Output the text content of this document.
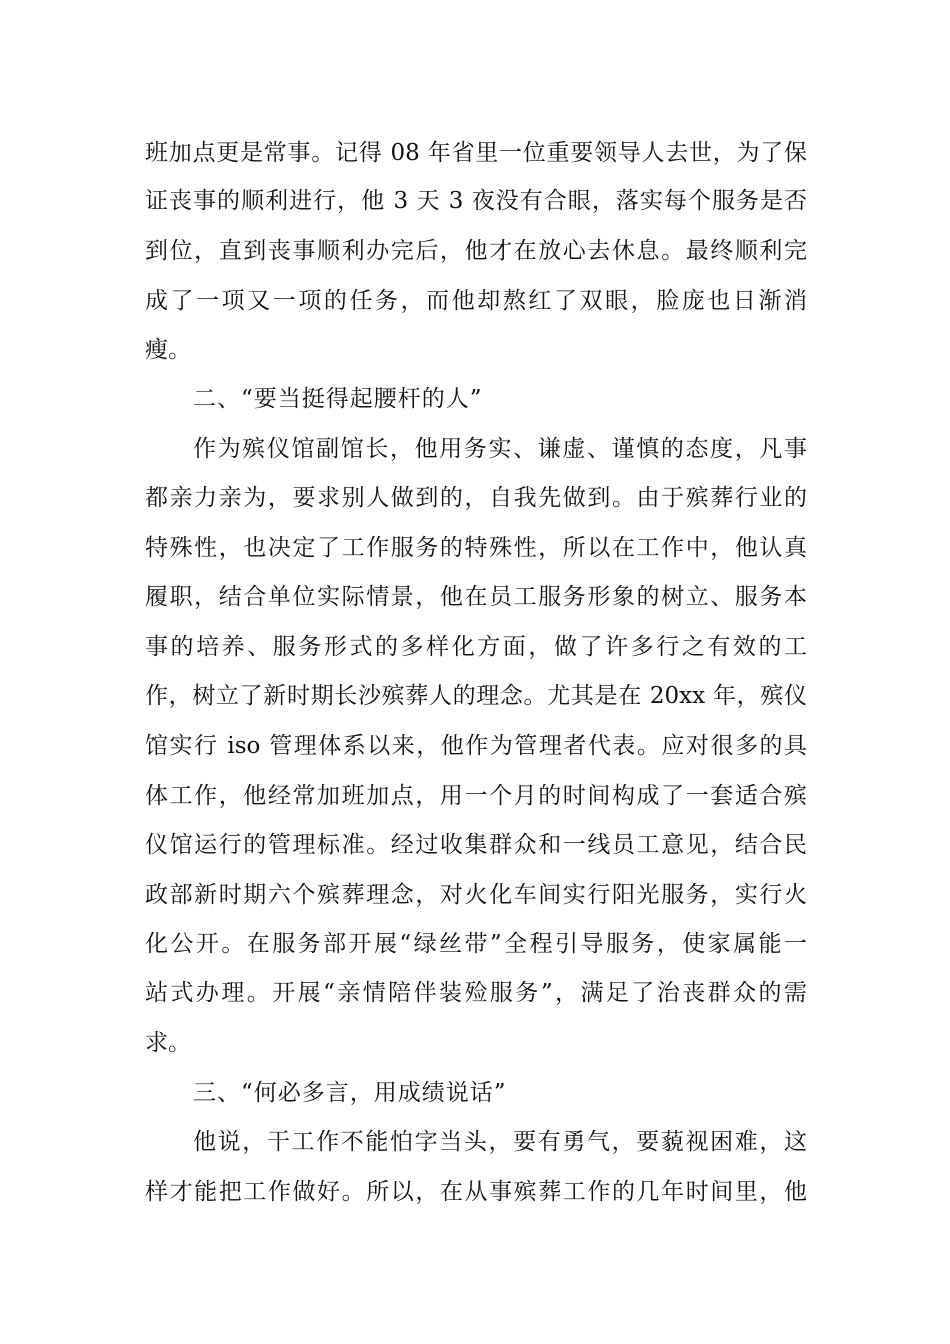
班加点更是常事。记得 08 年省里一位重要领导人去世，为了保
证丧事的顺利进行，他 3 天 3 夜没有合眼，落实每个服务是否
到位，直到丧事顺利办完后，他才在放心去休息。最终顺利完
成了一项又一项的任务，而他却熬红了双眼，脸庞也日渐消
瘦。
二、“要当挺得起腰杆的人”
作为殡仪馆副馆长，他用务实、谦虚、谨慎的态度，凡事
都亲力亲为，要求别人做到的，自我先做到。由于殡葬行业的
特殊性，也决定了工作服务的特殊性，所以在工作中，他认真
履职，结合单位实际情景，他在员工服务形象的树立、服务本
事的培养、服务形式的多样化方面，做了许多行之有效的工
作，树立了新时期长沙殡葬人的理念。尤其是在 20xx 年，殡仪
馆实行 iso 管理体系以来，他作为管理者代表。应对很多的具
体工作，他经常加班加点，用一个月的时间构成了一套适合殡
仪馆运行的管理标准。经过收集群众和一线员工意见，结合民
政部新时期六个殡葬理念，对火化车间实行阳光服务，实行火
化公开。在服务部开展“绿丝带”全程引导服务，使家属能一
站式办理。开展“亲情陪伴装殓服务”，满足了治丧群众的需
求。
三、“何必多言，用成绩说话”
他说，干工作不能怕字当头，要有勇气，要藐视困难，这
样才能把工作做好。所以，在从事殡葬工作的几年时间里，他
